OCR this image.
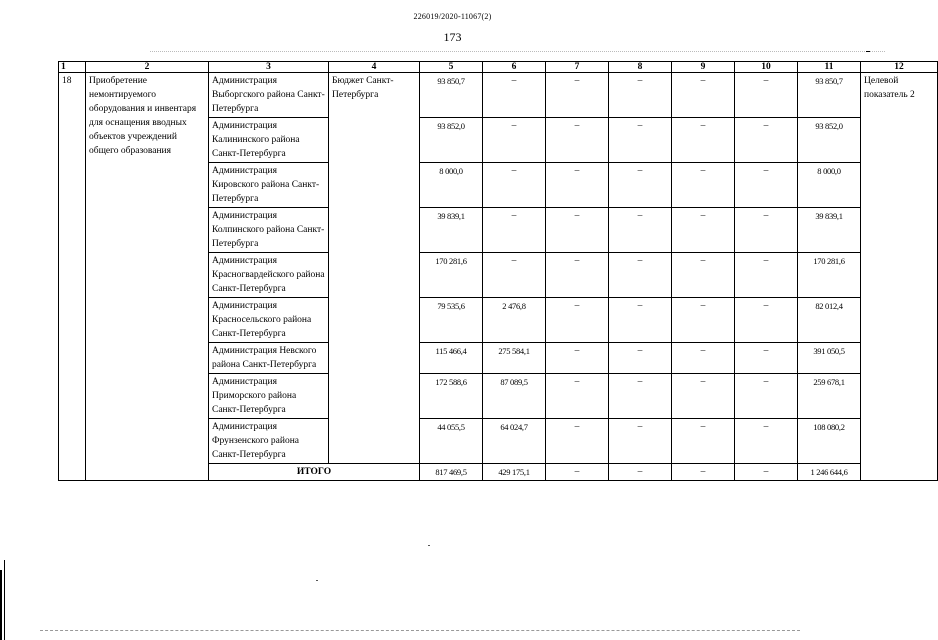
226019/2020-11067(2)
173
1	2	3	4	5	6	7	8	9	10	11	12
18	Приобретение немонтируемого оборудования и инвентаря для оснащения вводных объектов учреждений общего образования	Администрация Выборгского района Санкт-Петербурга	Бюджет Санкт-Петербурга	93 850,7	–	–	–	–	–	93 850,7	Целевой показатель 2
		Администрация Калининского района Санкт-Петербурга		93 852,0	–	–	–	–	–	93 852,0	
		Администрация Кировского района Санкт-Петербурга		8 000,0	–	–	–	–	–	8 000,0	
		Администрация Колпинского района Санкт-Петербурга		39 839,1	–	–	–	–	–	39 839,1	
		Администрация Красногвардейского района Санкт-Петербурга		170 281,6	–	–	–	–	–	170 281,6	
		Администрация Красносельского района Санкт-Петербурга		79 535,6	2 476,8	–	–	–	–	82 012,4	
		Администрация Невского района Санкт-Петербурга		115 466,4	275 584,1	–	–	–	–	391 050,5	
		Администрация Приморского района Санкт-Петербурга		172 588,6	87 089,5	–	–	–	–	259 678,1	
		Администрация Фрунзенского района Санкт-Петербурга		44 055,5	64 024,7	–	–	–	–	108 080,2	
		ИТОГО		817 469,5	429 175,1	–	–	–	–	1 246 644,6	
